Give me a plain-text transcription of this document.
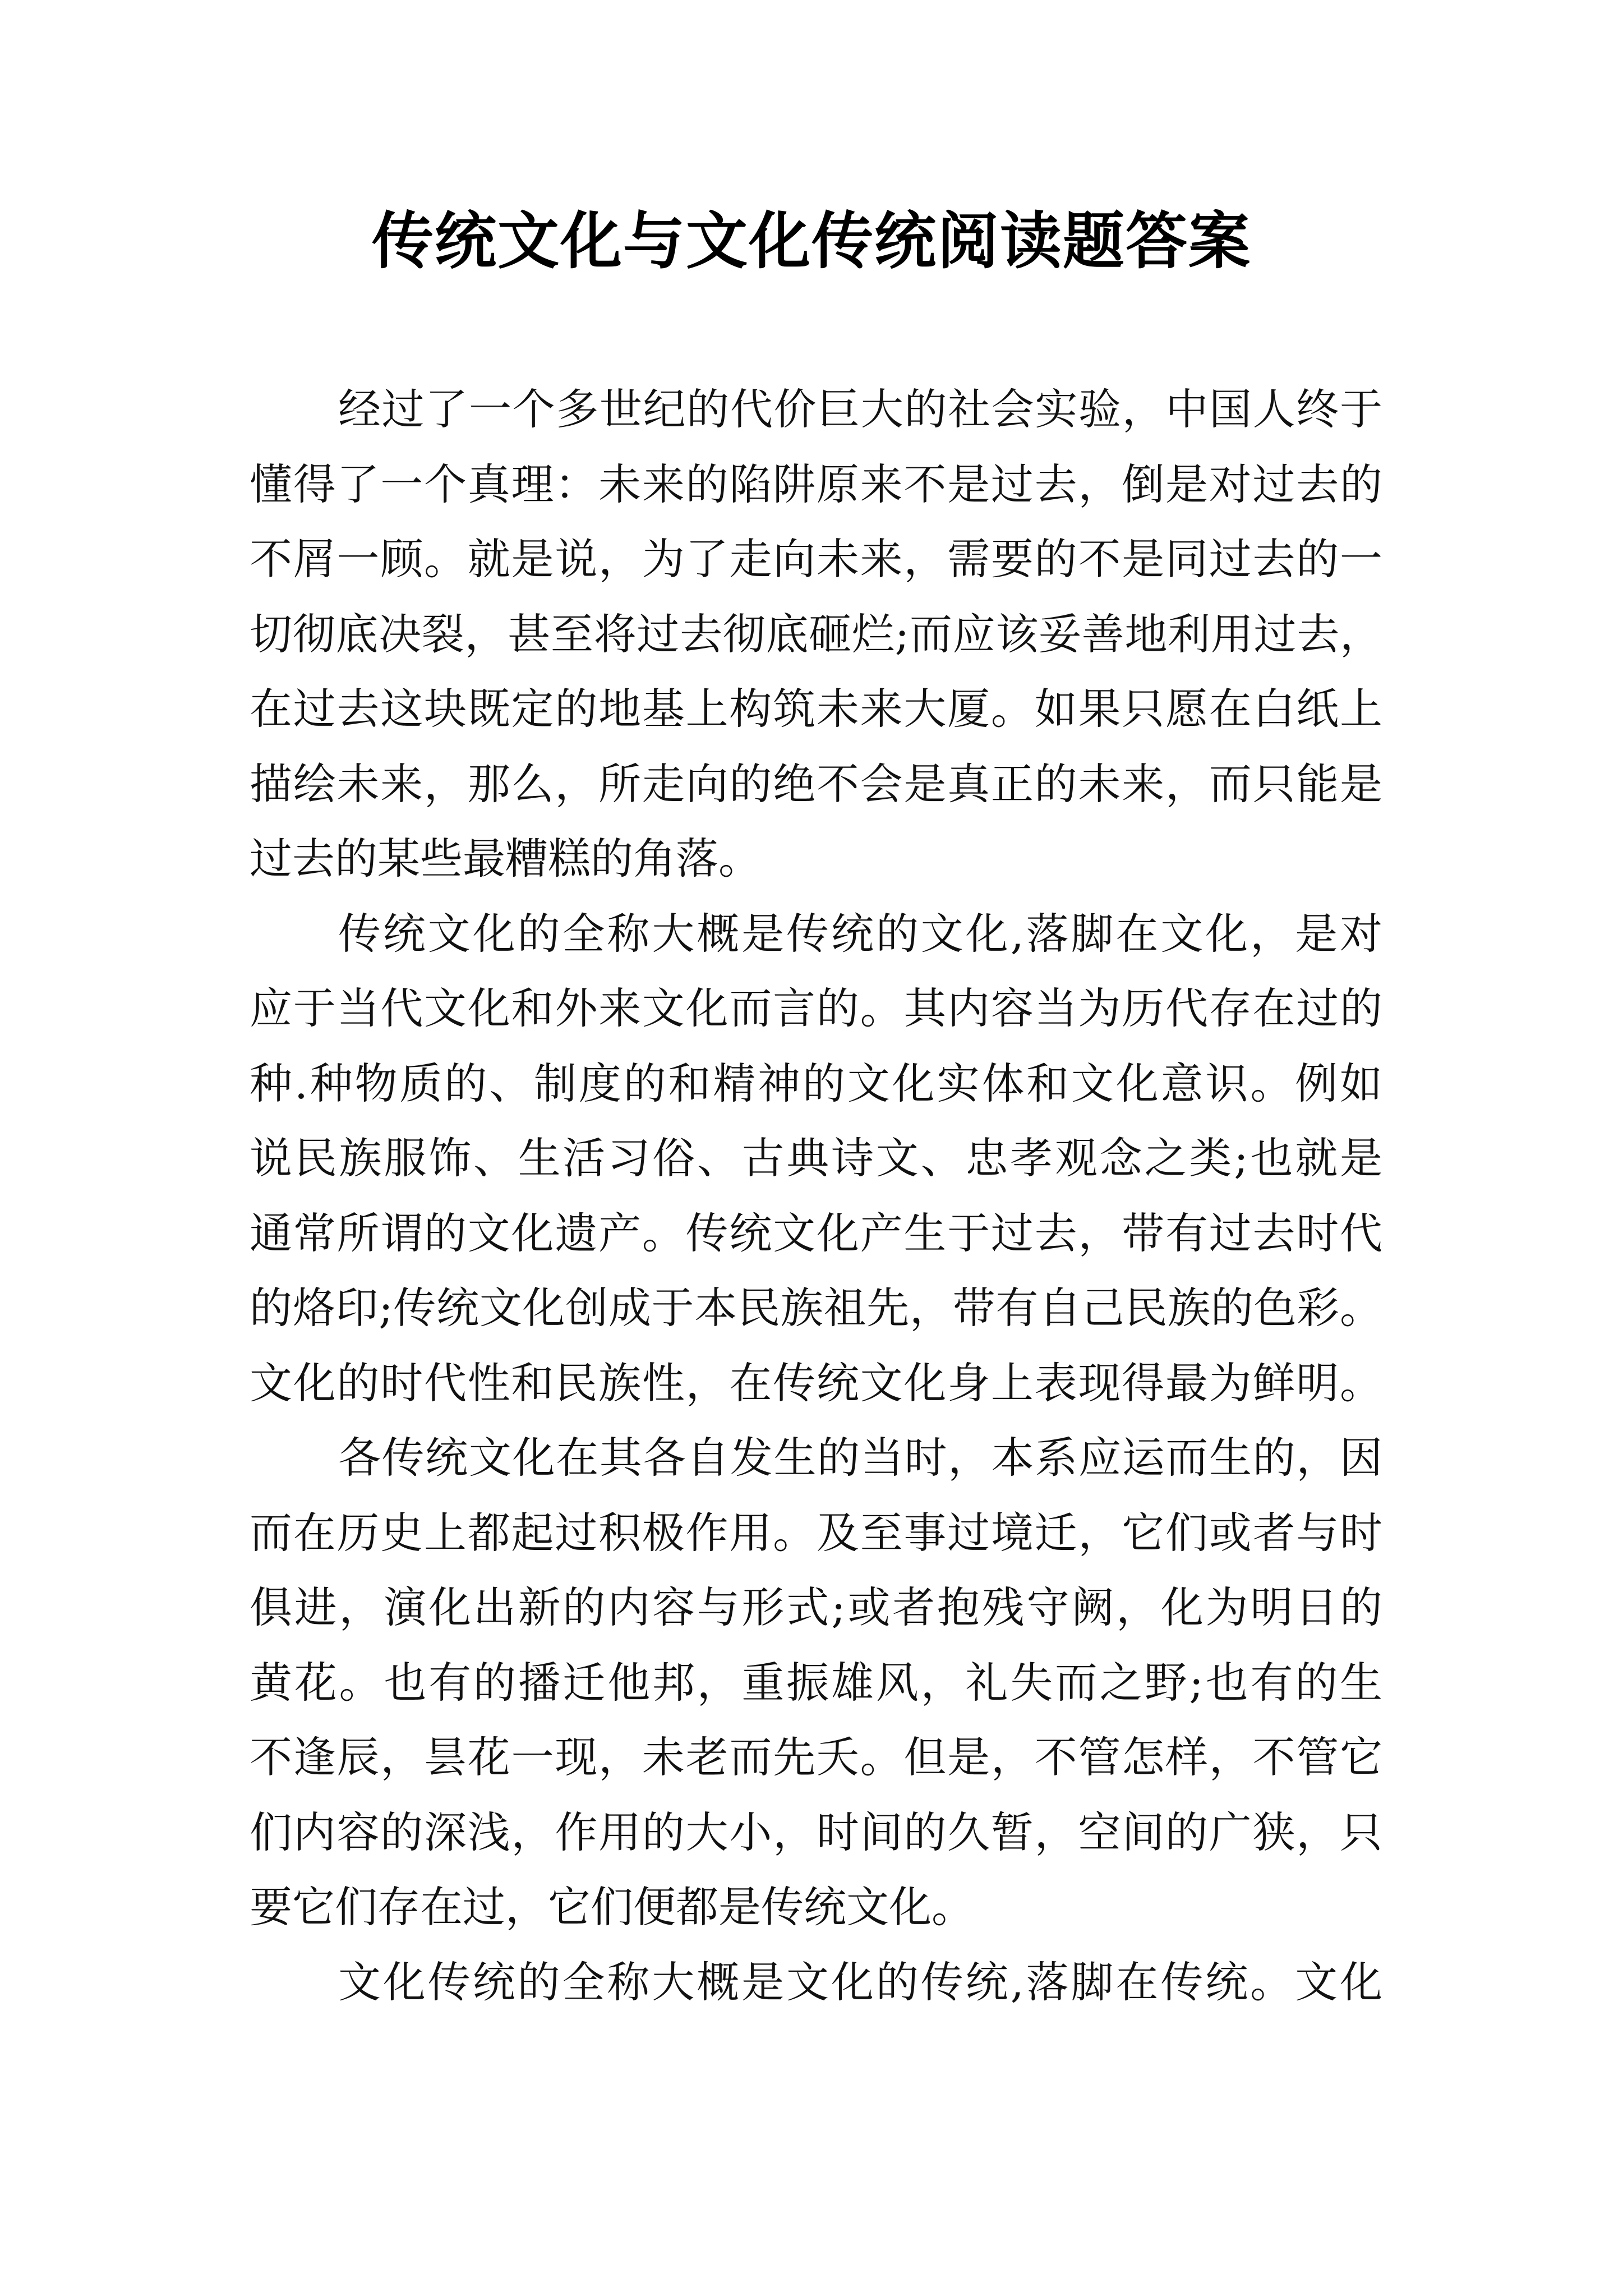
传统文化与文化传统阅读题答案
经过了一个多世纪的代价巨大的社会实验，中国人终于
懂得了一个真理：未来的陷阱原来不是过去，倒是对过去的
不屑一顾。就是说，为了走向未来，需要的不是同过去的一
切彻底决裂，甚至将过去彻底砸烂;而应该妥善地利用过去，
在过去这块既定的地基上构筑未来大厦。如果只愿在白纸上
描绘未来，那么，所走向的绝不会是真正的未来，而只能是
过去的某些最糟糕的角落。
传统文化的全称大概是传统的文化,落脚在文化，是对
应于当代文化和外来文化而言的。其内容当为历代存在过的
种.种物质的、制度的和精神的文化实体和文化意识。例如
说民族服饰、生活习俗、古典诗文、忠孝观念之类;也就是
通常所谓的文化遗产。传统文化产生于过去，带有过去时代
的烙印;传统文化创成于本民族祖先，带有自己民族的色彩。
文化的时代性和民族性，在传统文化身上表现得最为鲜明。
各传统文化在其各自发生的当时，本系应运而生的，因
而在历史上都起过积极作用。及至事过境迁，它们或者与时
俱进，演化出新的内容与形式;或者抱残守阙，化为明日的
黄花。也有的播迁他邦，重振雄风，礼失而之野;也有的生
不逢辰，昙花一现，未老而先夭。但是，不管怎样，不管它
们内容的深浅，作用的大小，时间的久暂，空间的广狭，只
要它们存在过，它们便都是传统文化。
文化传统的全称大概是文化的传统,落脚在传统。文化
